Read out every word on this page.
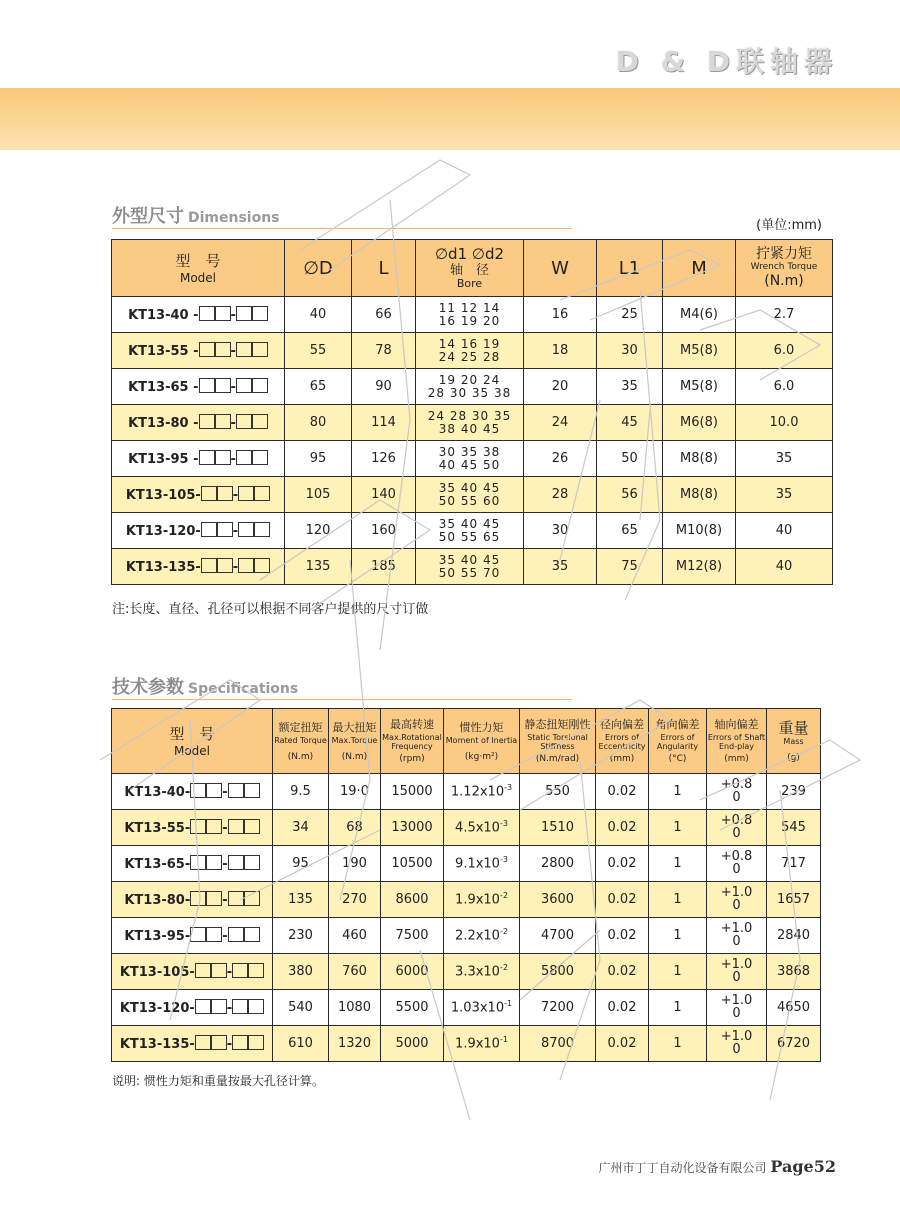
D & D联轴器
外型尺寸 Dimensions	(单位:mm)
型　号
Model	∅D	L	∅d1 ∅d2
轴　径
Bore	W	L1	M	拧紧力矩
Wrench Torque
(N.m)

KT13-40 - -	40	66	11 12 14
16 19 20	16	25	M4(6)	2.7
KT13-55 - -	55	78	14 16 19
24 25 28	18	30	M5(8)	6.0
KT13-65 - -	65	90	19 20 24
28 30 35 38	20	35	M5(8)	6.0
KT13-80 - -	80	114	24 28 30 35
38 40 45	24	45	M6(8)	10.0
KT13-95 - -	95	126	30 35 38
40 45 50	26	50	M8(8)	35
KT13-105- -	105	140	35 40 45
50 55 60	28	56	M8(8)	35
KT13-120- -	120	160	35 40 45
50 55 65	30	65	M10(8)	40
KT13-135- -	135	185	35 40 45
50 55 70	35	75	M12(8)	40
注:长度、直径、孔径可以根据不同客户提供的尺寸订做
技术参数 Specifications
型　号
Model	额定扭矩
Rated Torque
(N.m)	最大扭矩
Max.Torque
(N.m)	最高转速
Max.Rotational Frequency
(rpm)	惯性力矩
Moment of Inertia
(kg·m²)	静态扭矩刚性
Static Torsional Stiffness
(N.m/rad)	径向偏差
Errors of Eccentricity
(mm)	角向偏差
Errors of Angularity
(°C)	轴向偏差
Errors of Shaft End-play
(mm)	重量
Mass
(g)

KT13-40- -	9.5	19·0	15000	$1.12x10^{-3}$	550	0.02	1	+0.8
0	239
KT13-55- -	34	68	13000	$4.5x10^{-3}$	1510	0.02	1	+0.8
0	545
KT13-65- -	95	190	10500	$9.1x10^{-3}$	2800	0.02	1	+0.8
0	717
KT13-80- -	135	270	8600	$1.9x10^{-2}$	3600	0.02	1	+1.0
0	1657
KT13-95- -	230	460	7500	$2.2x10^{-2}$	4700	0.02	1	+1.0
0	2840
KT13-105- -	380	760	6000	$3.3x10^{-2}$	5800	0.02	1	+1.0
0	3868
KT13-120- -	540	1080	5500	$1.03x10^{-1}$	7200	0.02	1	+1.0
0	4650
KT13-135- -	610	1320	5000	$1.9x10^{-1}$	8700	0.02	1	+1.0
0	6720
说明: 惯性力矩和重量按最大孔径计算。
广州市丁丁自动化设备有限公司 Page52
